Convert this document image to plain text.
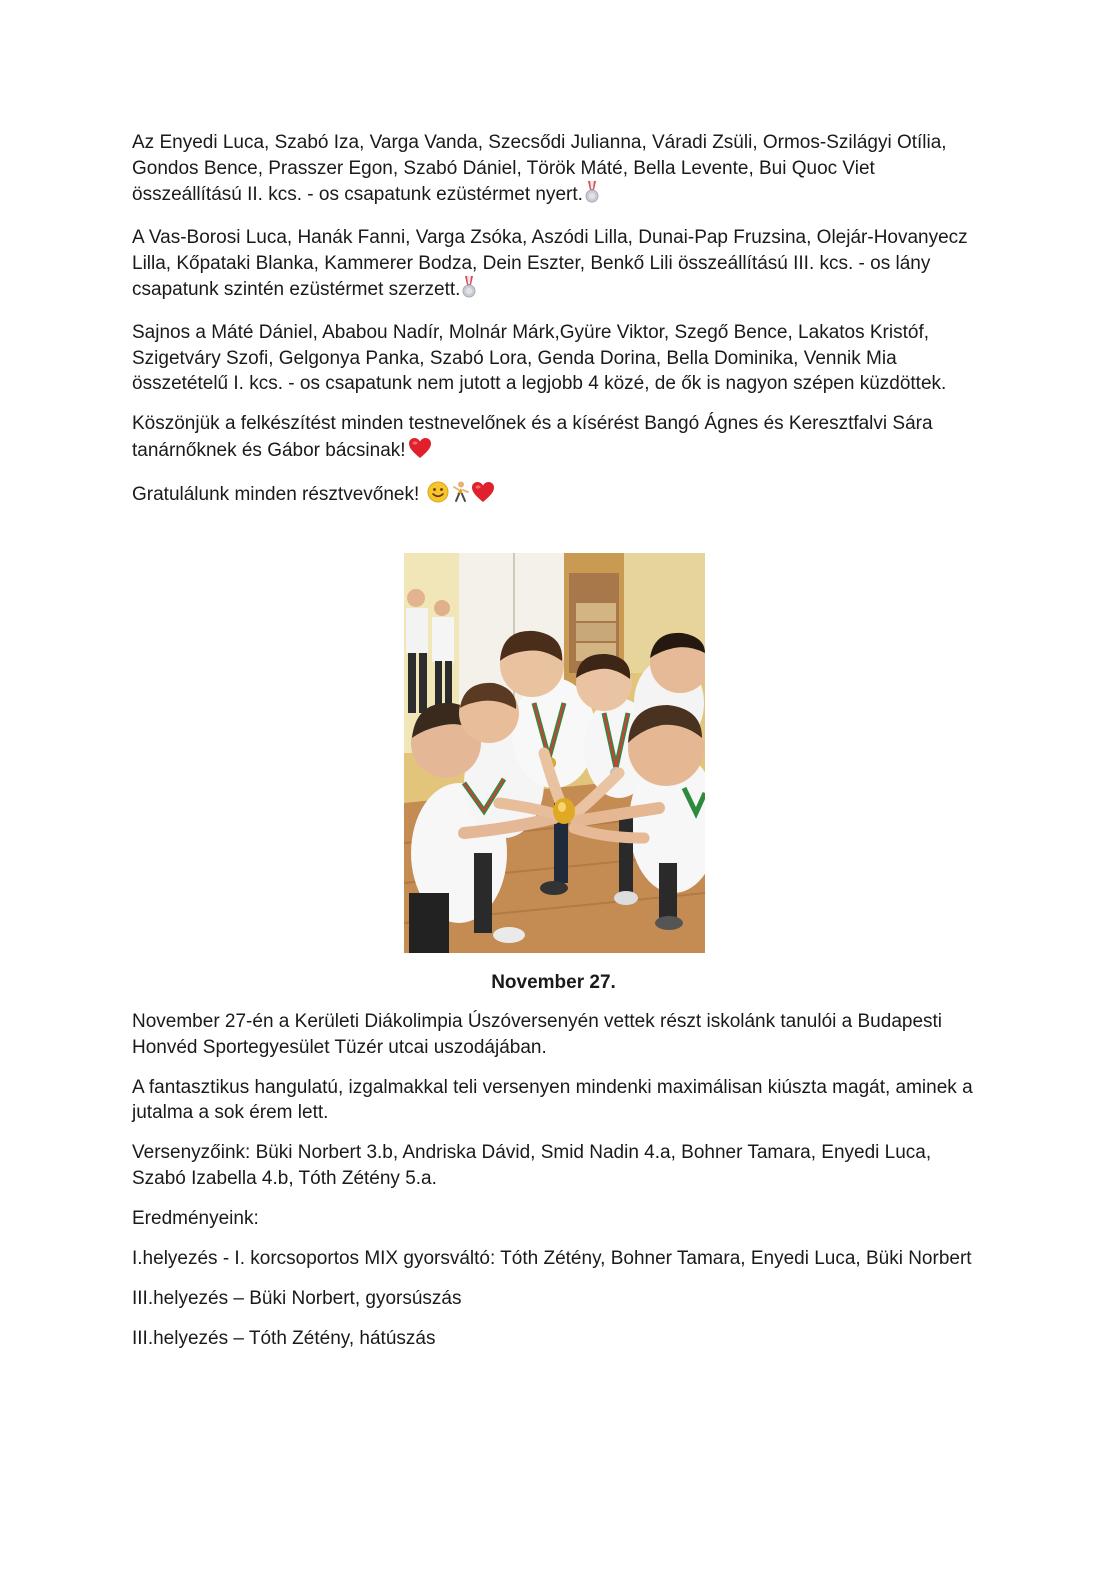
Az Enyedi Luca, Szabó Iza, Varga Vanda, Szecsődi Julianna, Váradi Zsüli, Ormos-Szilágyi Otília, Gondos Bence, Prasszer Egon, Szabó Dániel, Török Máté, Bella Levente, Bui Quoc Viet összeállítású II. kcs. - os csapatunk ezüstérmet nyert.

A Vas-Borosi Luca, Hanák Fanni, Varga Zsóka, Aszódi Lilla, Dunai-Pap Fruzsina, Olejár-Hovanyecz Lilla, Kőpataki Blanka, Kammerer Bodza, Dein Eszter, Benkő Lili összeállítású III. kcs. - os lány csapatunk szintén ezüstérmet szerzett.

Sajnos a Máté Dániel, Ababou Nadír, Molnár Márk,Gyüre Viktor, Szegő Bence, Lakatos Kristóf, Szigetváry Szofi, Gelgonya Panka, Szabó Lora, Genda Dorina, Bella Dominika, Vennik Mia összetételű I. kcs. - os csapatunk nem jutott a legjobb 4 közé, de ők is nagyon szépen küzdöttek.

Köszönjük a felkészítést minden testnevelőnek és a kísérést Bangó Ágnes és Keresztfalvi Sára tanárnőknek és Gábor bácsinak!

Gratulálunk minden résztvevőnek!

November 27.

November 27-én a Kerületi Diákolimpia Úszóversenyén vettek részt iskolánk tanulói a Budapesti Honvéd Sportegyesület Tüzér utcai uszodájában.

A fantasztikus hangulatú, izgalmakkal teli versenyen mindenki maximálisan kiúszta magát, aminek a jutalma a sok érem lett.

Versenyzőink: Büki Norbert 3.b, Andriska Dávid, Smid Nadin 4.a, Bohner Tamara, Enyedi Luca, Szabó Izabella 4.b, Tóth Zétény 5.a.

Eredményeink:

I.helyezés - I. korcsoportos MIX gyorsváltó: Tóth Zétény, Bohner Tamara, Enyedi Luca, Büki Norbert

III.helyezés – Büki Norbert, gyorsúszás

III.helyezés – Tóth Zétény, hátúszás
